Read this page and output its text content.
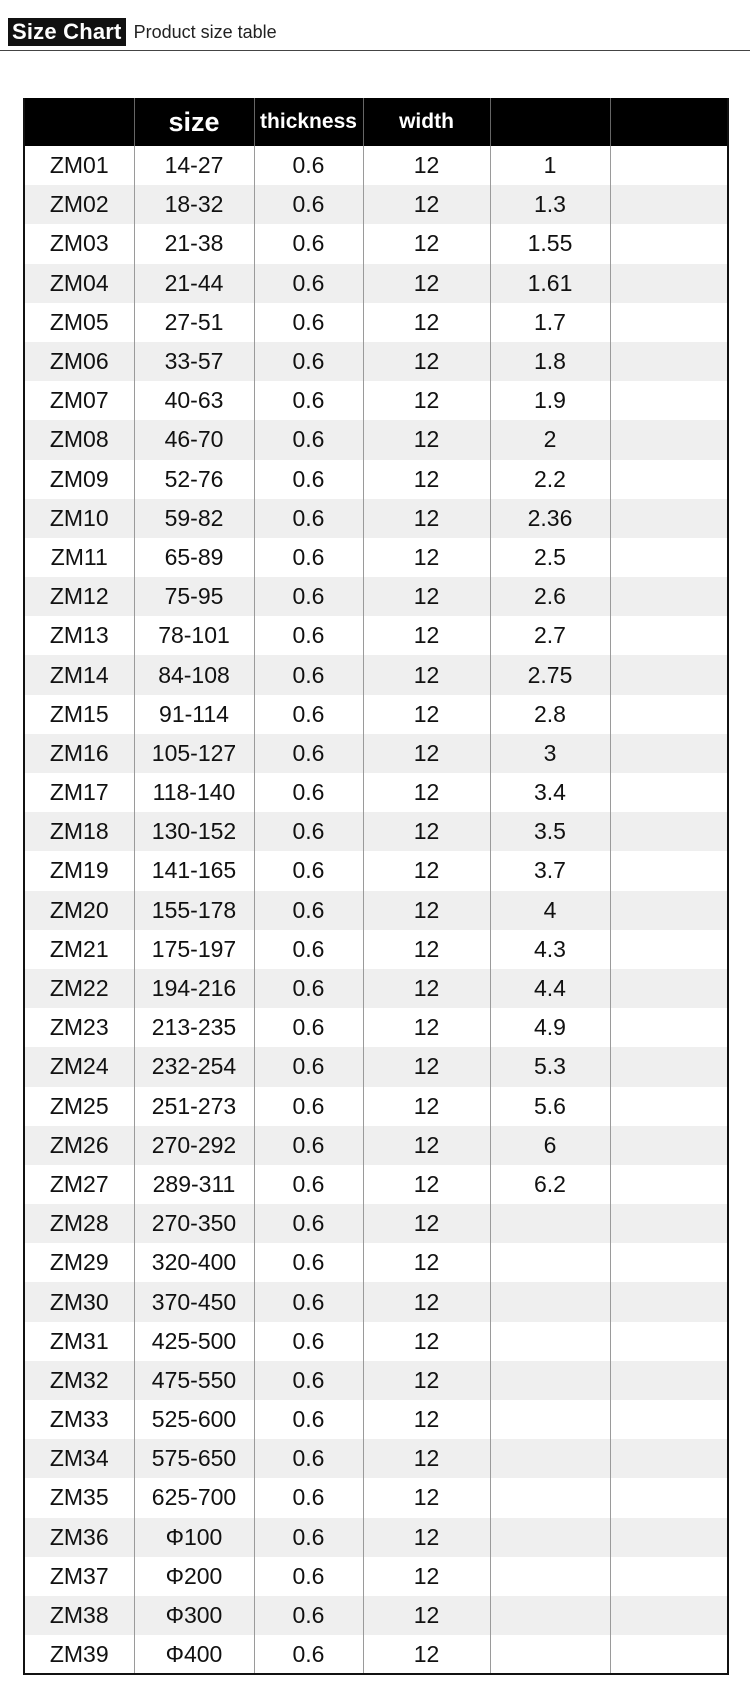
Size Chart Product size table
	size	thickness	width		
ZM01	14-27	0.6	12	1	
ZM02	18-32	0.6	12	1.3	
ZM03	21-38	0.6	12	1.55	
ZM04	21-44	0.6	12	1.61	
ZM05	27-51	0.6	12	1.7	
ZM06	33-57	0.6	12	1.8	
ZM07	40-63	0.6	12	1.9	
ZM08	46-70	0.6	12	2	
ZM09	52-76	0.6	12	2.2	
ZM10	59-82	0.6	12	2.36	
ZM11	65-89	0.6	12	2.5	
ZM12	75-95	0.6	12	2.6	
ZM13	78-101	0.6	12	2.7	
ZM14	84-108	0.6	12	2.75	
ZM15	91-114	0.6	12	2.8	
ZM16	105-127	0.6	12	3	
ZM17	118-140	0.6	12	3.4	
ZM18	130-152	0.6	12	3.5	
ZM19	141-165	0.6	12	3.7	
ZM20	155-178	0.6	12	4	
ZM21	175-197	0.6	12	4.3	
ZM22	194-216	0.6	12	4.4	
ZM23	213-235	0.6	12	4.9	
ZM24	232-254	0.6	12	5.3	
ZM25	251-273	0.6	12	5.6	
ZM26	270-292	0.6	12	6	
ZM27	289-311	0.6	12	6.2	
ZM28	270-350	0.6	12		
ZM29	320-400	0.6	12		
ZM30	370-450	0.6	12		
ZM31	425-500	0.6	12		
ZM32	475-550	0.6	12		
ZM33	525-600	0.6	12		
ZM34	575-650	0.6	12		
ZM35	625-700	0.6	12		
ZM36	Φ100	0.6	12		
ZM37	Φ200	0.6	12		
ZM38	Φ300	0.6	12		
ZM39	Φ400	0.6	12		
